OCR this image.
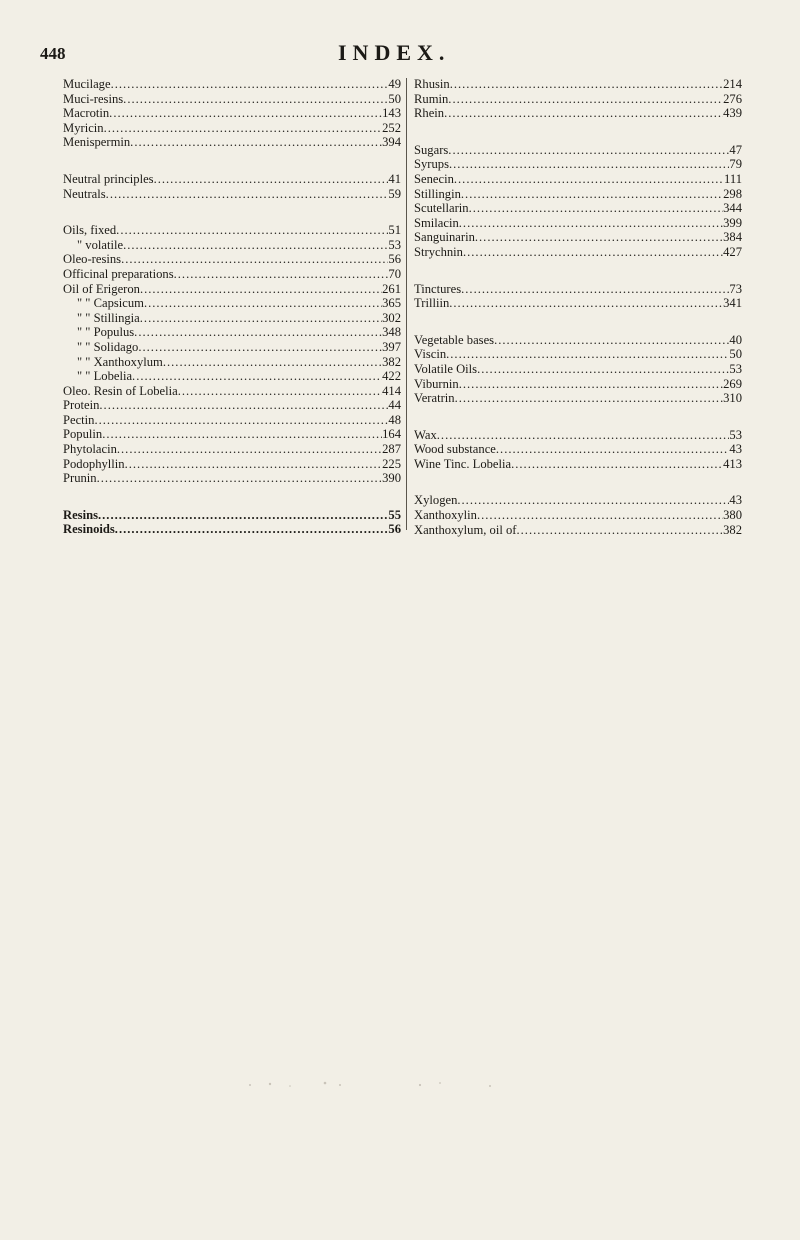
448	INDEX.
Mucilage .....	49
Muci-resins .....	50
Macrotin .....	143
Myricin .....	252
Menispermin .....	394
Neutral principles .....	41
Neutrals .....	59
Oils, fixed .....	51
" volatile .....	53
Oleo-resins .....	56
Officinal preparations .....	70
Oil of Erigeron .....	261
" " Capsicum .....	365
" " Stillingia .....	302
" " Populus .....	348
" " Solidago .....	397
" " Xanthoxylum .....	382
" " Lobelia .....	422
Oleo. Resin of Lobelia .....	414
Protein .....	44
Pectin .....	48
Populin .....	164
Phytolacin .....	287
Podophyllin .....	225
Prunin .....	390
Resins .....	55
Resinoids .....	56
Rhusin .....	214
Rumin .....	276
Rhein .....	439
Sugars .....	47
Syrups .....	79
Senecin .....	111
Stillingin .....	298
Scutellarin .....	344
Smilacin .....	399
Sanguinarin .....	384
Strychnin .....	427
Tinctures .....	73
Trilliin .....	341
Vegetable bases .....	40
Viscin .....	50
Volatile Oils .....	53
Viburnin .....	269
Veratrin .....	310
Wax .....	53
Wood substance .....	43
Wine Tinc. Lobelia .....	413
Xylogen .....	43
Xanthoxylin .....	380
Xanthoxylum, oil of .....	382
